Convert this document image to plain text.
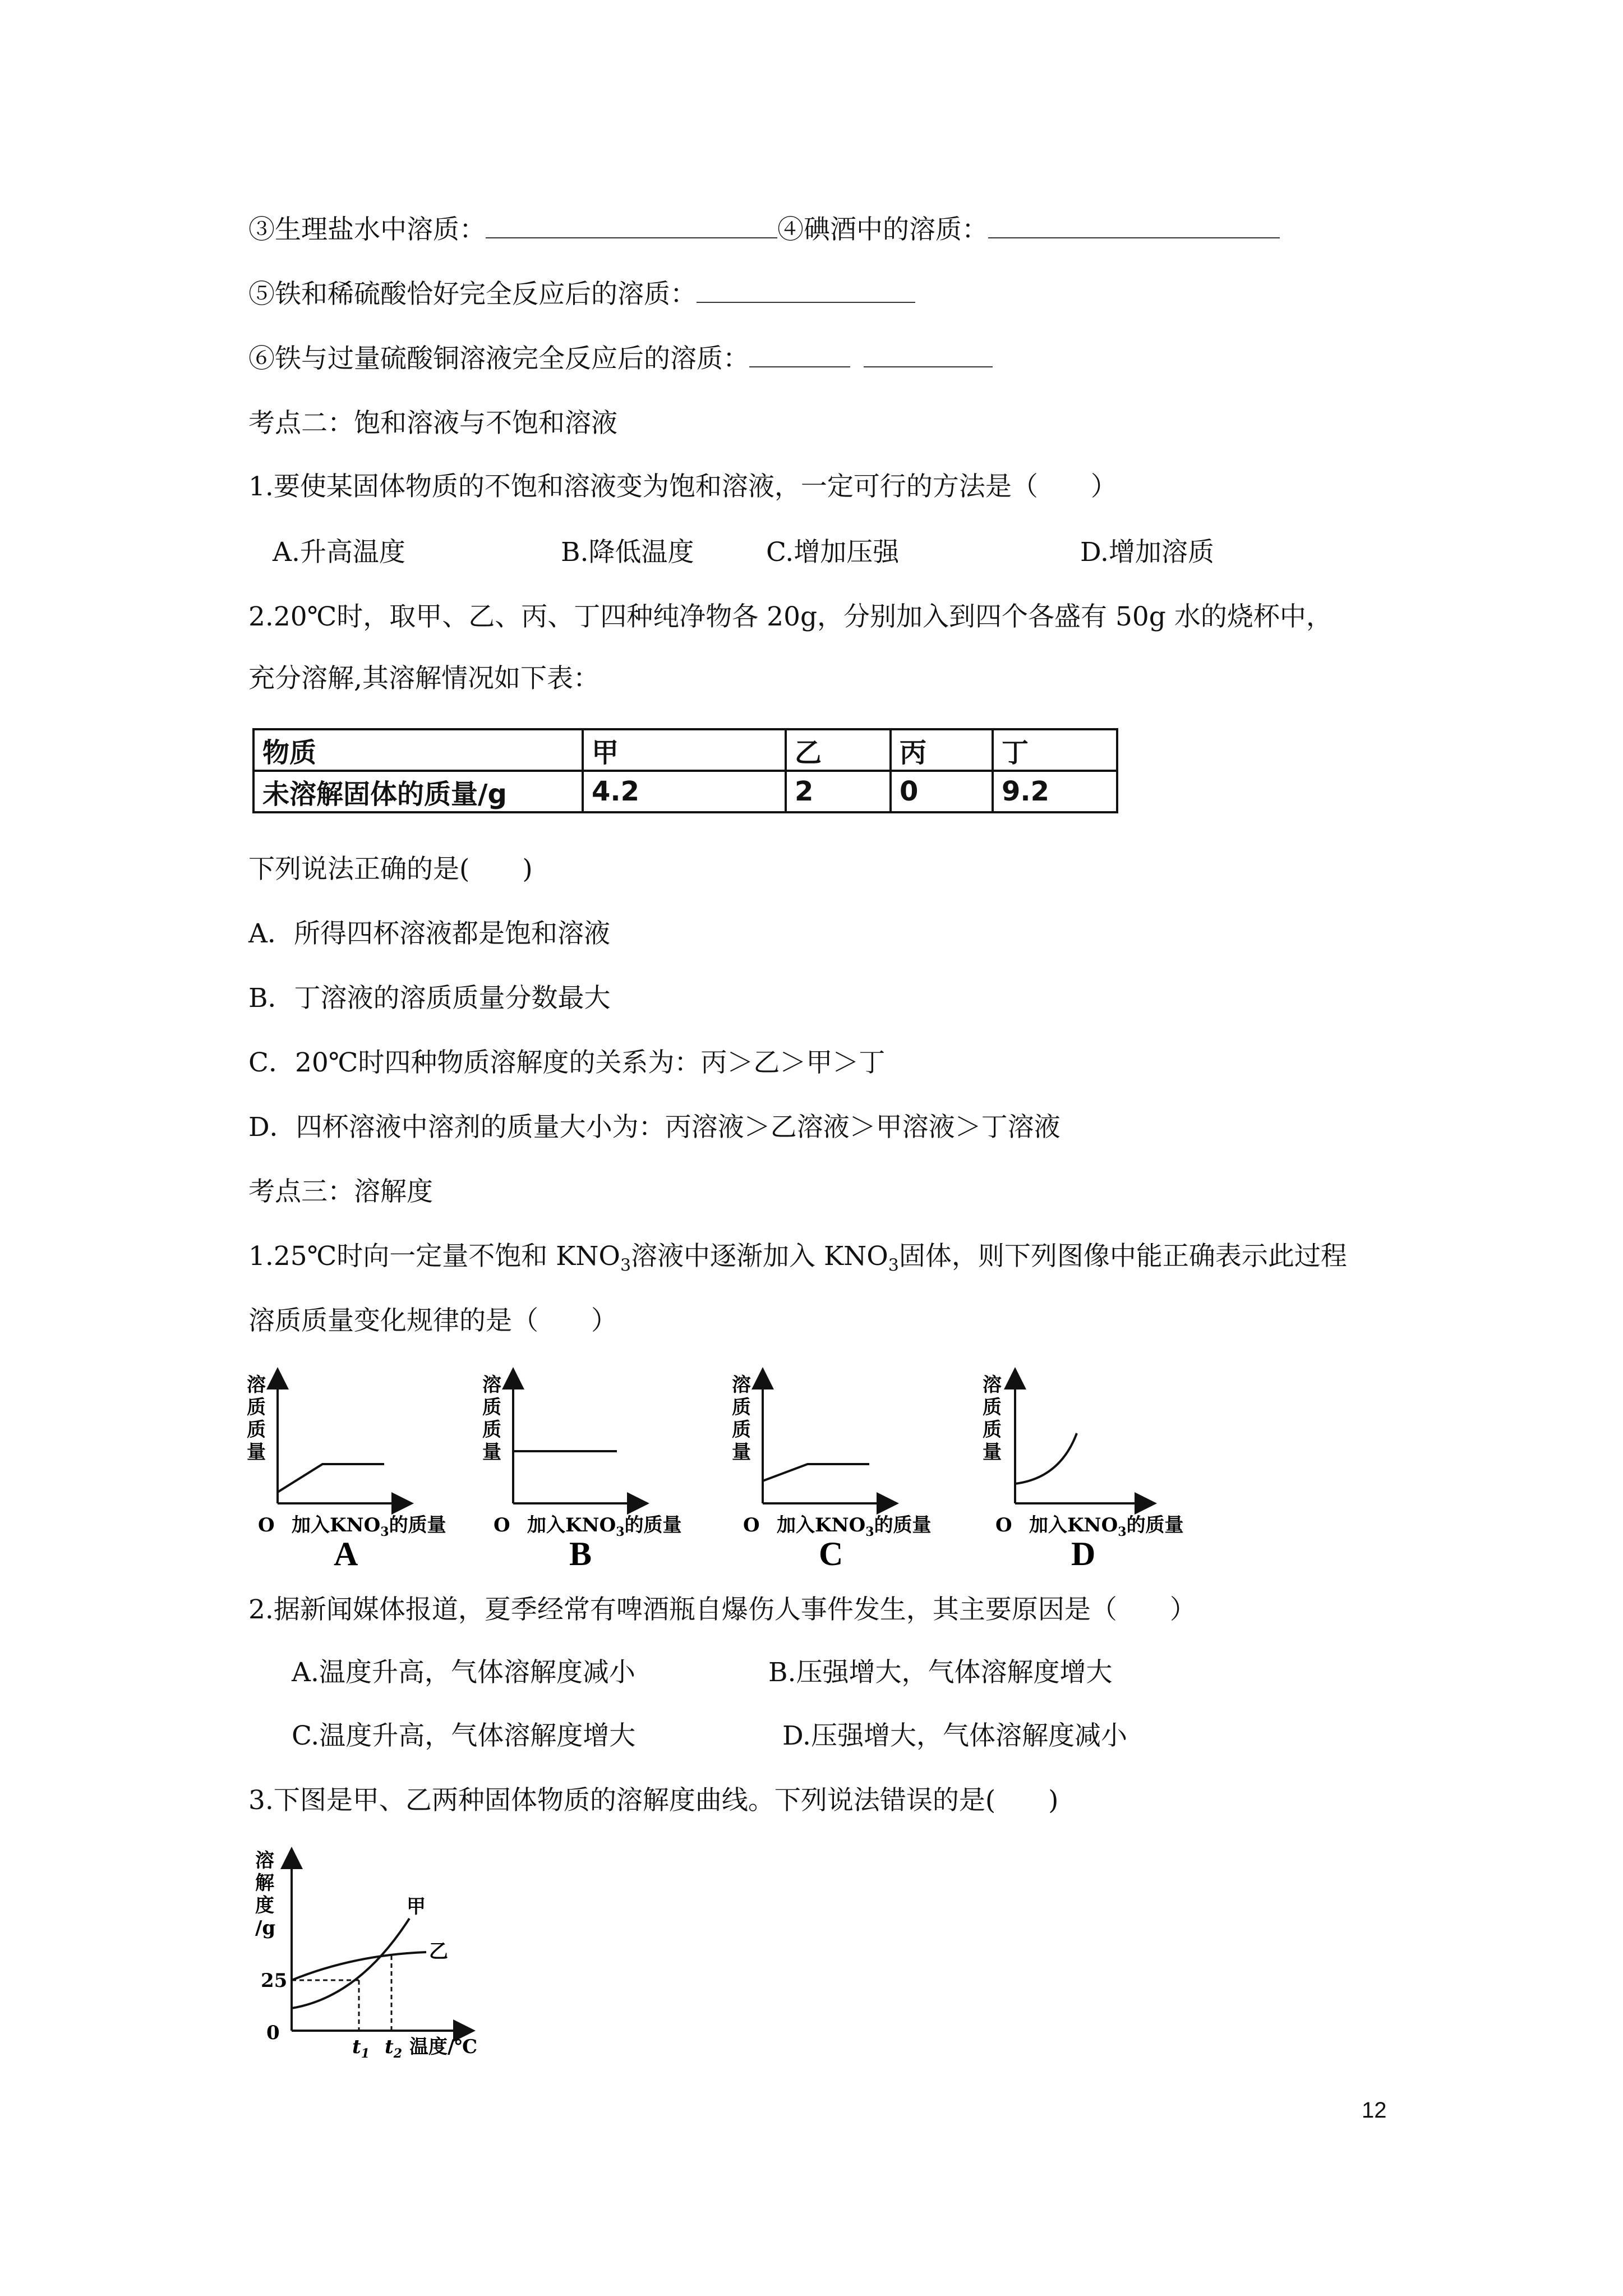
③生理盐水中溶质：	④碘酒中的溶质：
⑤铁和稀硫酸恰好完全反应后的溶质：
⑥铁与过量硫酸铜溶液完全反应后的溶质：
考点二：饱和溶液与不饱和溶液
1.要使某固体物质的不饱和溶液变为饱和溶液，一定可行的方法是（　　）
A.升高温度	B.降低温度	C.增加压强	D.增加溶质
2.20℃时，取甲、乙、丙、丁四种纯净物各 20g，分别加入到四个各盛有 50g 水的烧杯中，
充分溶解,其溶解情况如下表：
物质	甲	乙	丙	丁
未溶解固体的质量/g	4.2	2	0	9.2
下列说法正确的是(　　)
A．所得四杯溶液都是饱和溶液
B．丁溶液的溶质质量分数最大
C．20℃时四种物质溶解度的关系为：丙＞乙＞甲＞丁
D．四杯溶液中溶剂的质量大小为：丙溶液＞乙溶液＞甲溶液＞丁溶液
考点三：溶解度
1.25℃时向一定量不饱和 $KNO_3$溶液中逐渐加入 $KNO_3$固体，则下列图像中能正确表示此过程
溶质质量变化规律的是（　　）
溶
质
质
量
O 加入$KNO_3$的质量
A
溶
质
质
量
O 加入$KNO_3$的质量
B
溶
质
质
量
O 加入$KNO_3$的质量
C
溶
质
质
量
O 加入$KNO_3$的质量
D
2.据新闻媒体报道，夏季经常有啤酒瓶自爆伤人事件发生，其主要原因是（　　）
A.温度升高，气体溶解度减小	B.压强增大，气体溶解度增大
C.温度升高，气体溶解度增大	D.压强增大，气体溶解度减小
3.下图是甲、乙两种固体物质的溶解度曲线。下列说法错误的是(　　)
溶
解
度
/g
25
0
$t_1$ $t_2$ 温度/℃
甲
乙
12
